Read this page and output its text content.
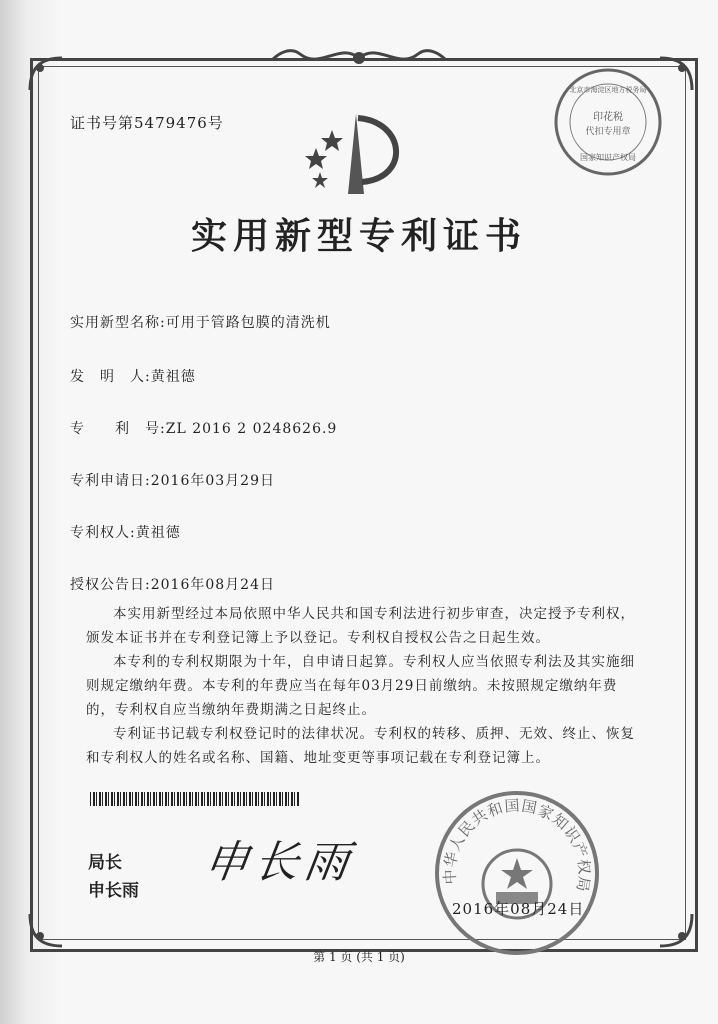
证书号第5479476号
北京市海淀区地方税务局
印花税
代扣专用章
国家知识产权局
实用新型专利证书
实用新型名称:可用于管路包膜的清洗机
发　明　人:黄祖德
专　　利　号:ZL 2016 2 0248626.9
专利申请日:2016年03月29日
专利权人:黄祖德
授权公告日:2016年08月24日

本实用新型经过本局依照中华人民共和国专利法进行初步审查，决定授予专利权，颁发本证书并在专利登记簿上予以登记。专利权自授权公告之日起生效。

本专利的专利权期限为十年，自申请日起算。专利权人应当依照专利法及其实施细则规定缴纳年费。本专利的年费应当在每年03月29日前缴纳。未按照规定缴纳年费的，专利权自应当缴纳年费期满之日起终止。

专利证书记载专利权登记时的法律状况。专利权的转移、质押、无效、终止、恢复和专利权人的姓名或名称、国籍、地址变更等事项记载在专利登记簿上。

局长
申长雨
申长雨	中华人民共和国国家知识产权局
2016年08月24日
第 1 页 (共 1 页)
